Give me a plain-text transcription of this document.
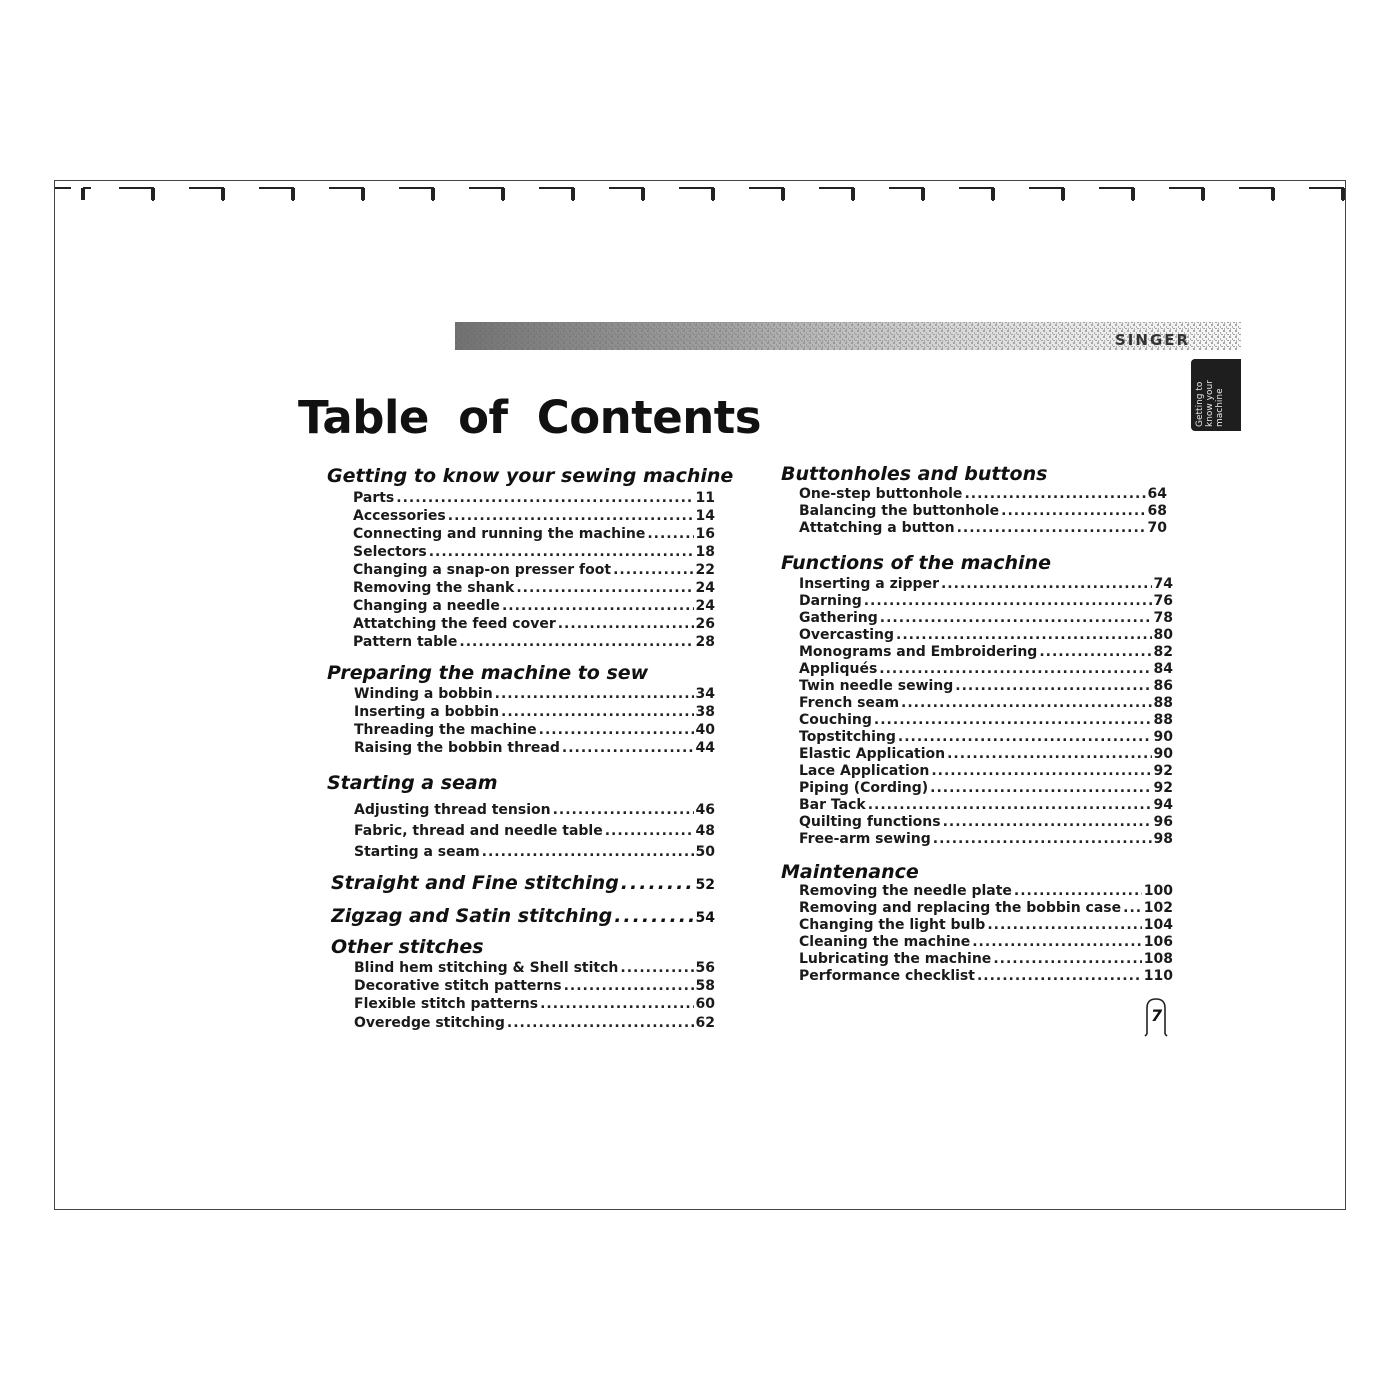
SINGER
Getting to know your machine
Table of Contents
Getting to know your sewing machine
Parts .....	11
Accessories .....	14
Connecting and running the machine .....	16
Selectors .....	18
Changing a snap-on presser foot .....	22
Removing the shank .....	24
Changing a needle .....	24
Attatching the feed cover .....	26
Pattern table .....	28
Preparing the machine to sew
Winding a bobbin .....	34
Inserting a bobbin .....	38
Threading the machine .....	40
Raising the bobbin thread .....	44
Starting a seam
Adjusting thread tension .....	46
Fabric, thread and needle table .....	48
Starting a seam .....	50
Straight and Fine stitching .....	52
Zigzag and Satin stitching .....	54
Other stitches
Blind hem stitching & Shell stitch .....	56
Decorative stitch patterns .....	58
Flexible stitch patterns .....	60
Overedge stitching .....	62
Buttonholes and buttons
One-step buttonhole .....	64
Balancing the buttonhole .....	68
Attatching a button .....	70
Functions of the machine
Inserting a zipper .....	74
Darning .....	76
Gathering .....	78
Overcasting .....	80
Monograms and Embroidering .....	82
Appliqués .....	84
Twin needle sewing .....	86
French seam .....	88
Couching .....	88
Topstitching .....	90
Elastic Application .....	90
Lace Application .....	92
Piping (Cording) .....	92
Bar Tack .....	94
Quilting functions .....	96
Free-arm sewing .....	98
Maintenance
Removing the needle plate .....	100
Removing and replacing the bobbin case ..... 102
Changing the light bulb .....	104
Cleaning the machine .....	106
Lubricating the machine .....	108
Performance checklist .....	110
7
